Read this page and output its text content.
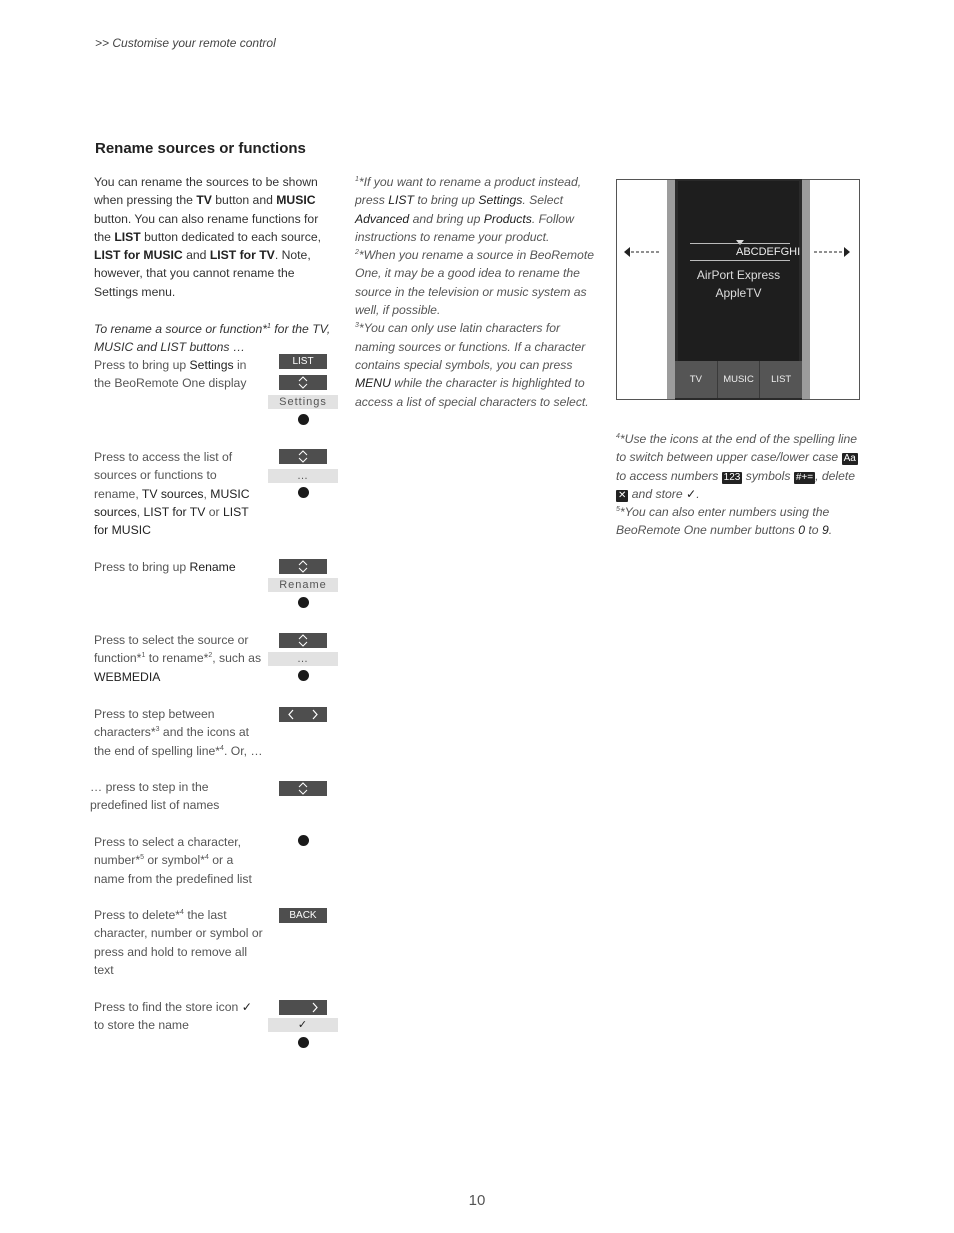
>> Customise your remote control
Rename sources or functions
You can rename the sources to be shown when pressing the TV button and MUSIC button. You can also rename functions for the LIST button dedicated to each source, LIST for MUSIC and LIST for TV. Note, however, that you cannot rename the Settings menu.
To rename a source or function*$^1$ for the TV, MUSIC and LIST buttons …
Press to bring up Settings in the BeoRemote One display
LIST
Settings
Press to access the list of sources or functions to rename, TV sources, MUSIC sources, LIST for TV or LIST for MUSIC
…
Press to bring up Rename
Rename
Press to select the source or function*$^1$ to rename*$^2$, such as WEBMEDIA
…
Press to step between characters*$^3$ and the icons at the end of spelling line*$^4$. Or, …
… press to step in the predefined list of names
Press to select a character, number*$^5$ or symbol*$^4$ or a name from the predefined list
Press to delete*$^4$ the last character, number or symbol or press and hold to remove all text
BACK
Press to find the store icon ✓ to store the name	✓
$^1$*If you want to rename a product instead, press LIST to bring up Settings. Select Advanced and bring up Products. Follow instructions to rename your product.
$^2$*When you rename a source in BeoRemote One, it may be a good idea to rename the source in the television or music system as well, if possible.
$^3$*You can only use latin characters for naming sources or functions. If a character contains special symbols, you can press MENU while the character is highlighted to access a list of special characters to select.
ABCDEFGHI
AirPort Express
AppleTV
TV	MUSIC	LIST
$^4$*Use the icons at the end of the spelling line to switch between upper case/lower case Aa to access numbers 123 symbols #+= , delete ✕ and store ✓.
$^5$*You can also enter numbers using the BeoRemote One number buttons 0 to 9.
10
